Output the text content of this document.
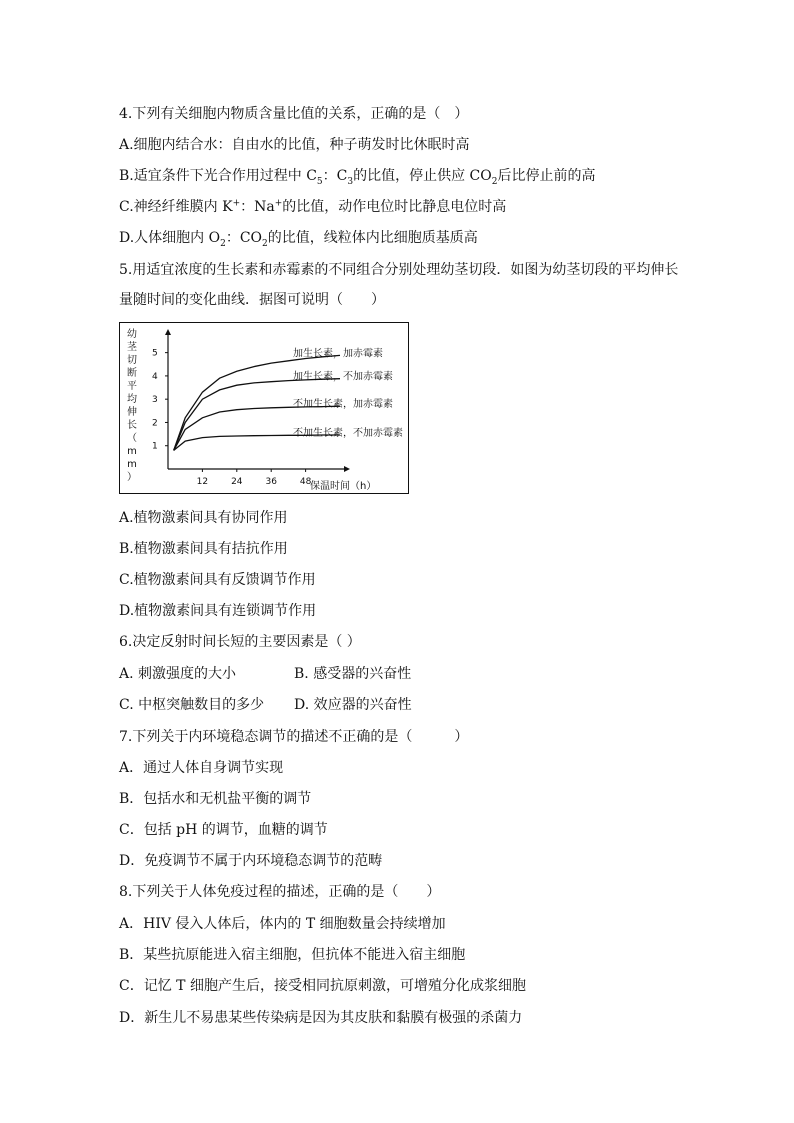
4.下列有关细胞内物质含量比值的关系，正确的是（　）
A.细胞内结合水：自由水的比值，种子萌发时比休眠时高
B.适宜条件下光合作用过程中 $C_5$：$C_3$的比值，停止供应 $CO_2$后比停止前的高
C.神经纤维膜内 K+：Na+的比值，动作电位时比静息电位时高
D.人体细胞内 $O_2$：$CO_2$的比值，线粒体内比细胞质基质高
5.用适宜浓度的生长素和赤霉素的不同组合分别处理幼茎切段．如图为幼茎切段的平均伸长
量随时间的变化曲线．据图可说明（　　）
幼
茎
切
断
平
均
伸
长
（
m
m
）
1
2
3
4
5
12	24	36	48
加生长素，加赤霉素
加生长素，不加赤霉素
不加生长素，加赤霉素
不加生长素，不加赤霉素
保温时间（h）
A.植物激素间具有协同作用
B.植物激素间具有拮抗作用
C.植物激素间具有反馈调节作用
D.植物激素间具有连锁调节作用
6.决定反射时间长短的主要因素是（ ）
A. 刺激强度的大小	B. 感受器的兴奋性
C. 中枢突触数目的多少 D. 效应器的兴奋性
7.下列关于内环境稳态调节的描述不正确的是（　　　）
A．通过人体自身调节实现
B．包括水和无机盐平衡的调节
C．包括 pH 的调节，血糖的调节
D．免疫调节不属于内环境稳态调节的范畴
8.下列关于人体免疫过程的描述，正确的是（　　）
A．HIV 侵入人体后，体内的 T 细胞数量会持续增加
B．某些抗原能进入宿主细胞，但抗体不能进入宿主细胞
C．记忆 T 细胞产生后，接受相同抗原刺激，可增殖分化成浆细胞
D．新生儿不易患某些传染病是因为其皮肤和黏膜有极强的杀菌力
